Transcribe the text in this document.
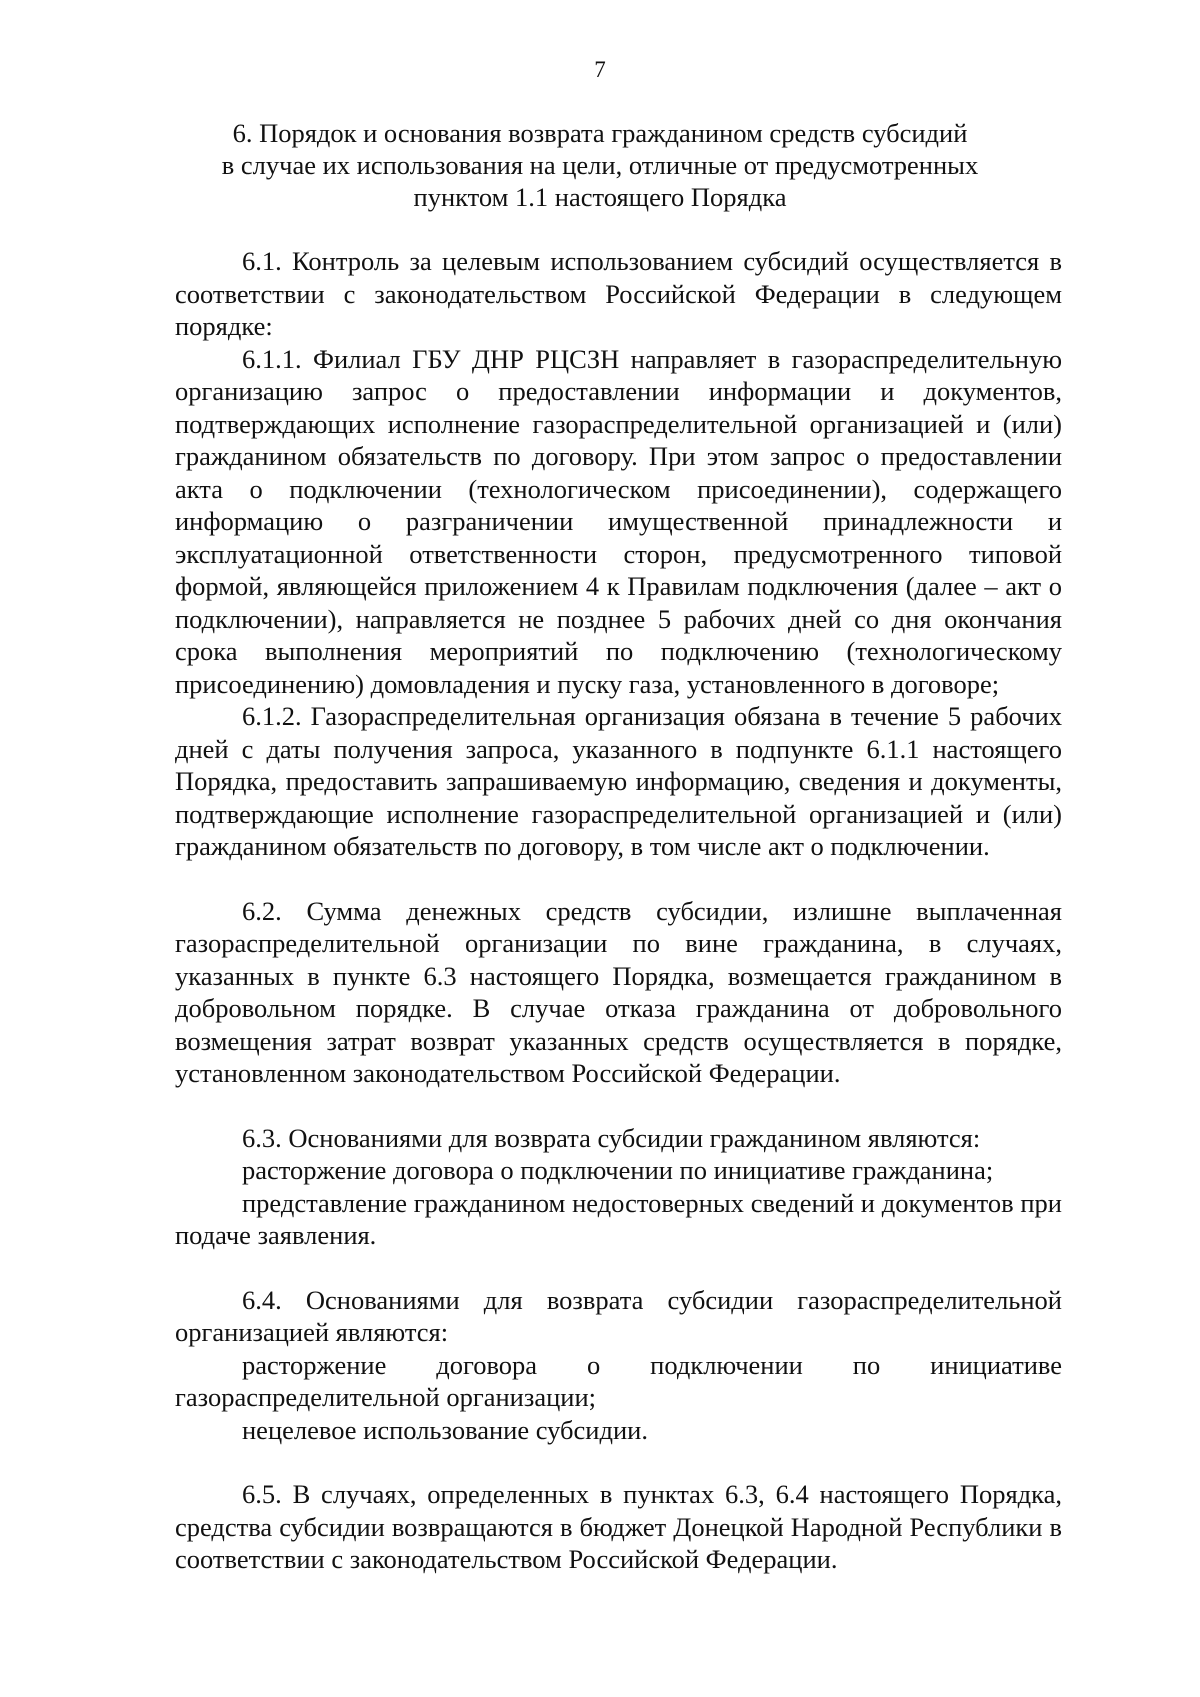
7
6. Порядок и основания возврата гражданином средств субсидий
в случае их использования на цели, отличные от предусмотренных
пунктом 1.1 настоящего Порядка

6.1. Контроль за целевым использованием субсидий осуществляется в соответствии с законодательством Российской Федерации в следующем порядке:

6.1.1. Филиал ГБУ ДНР РЦСЗН направляет в газораспределительную организацию запрос о предоставлении информации и документов, подтверждающих исполнение газораспределительной организацией и (или) гражданином обязательств по договору. При этом запрос о предоставлении акта о подключении (технологическом присоединении), содержащего информацию о разграничении имущественной принадлежности и эксплуатационной ответственности сторон, предусмотренного типовой формой, являющейся приложением 4 к Правилам подключения (далее – акт о подключении), направляется не позднее 5 рабочих дней со дня окончания срока выполнения мероприятий по подключению (технологическому присоединению) домовладения и пуску газа, установленного в договоре;

6.1.2. Газораспределительная организация обязана в течение 5 рабочих дней с даты получения запроса, указанного в подпункте 6.1.1 настоящего Порядка, предоставить запрашиваемую информацию, сведения и документы, подтверждающие исполнение газораспределительной организацией и (или) гражданином обязательств по договору, в том числе акт о подключении.

6.2. Сумма денежных средств субсидии, излишне выплаченная газораспределительной организации по вине гражданина, в случаях, указанных в пункте 6.3 настоящего Порядка, возмещается гражданином в добровольном порядке. В случае отказа гражданина от добровольного возмещения затрат возврат указанных средств осуществляется в порядке, установленном законодательством Российской Федерации.

6.3. Основаниями для возврата субсидии гражданином являются:

расторжение договора о подключении по инициативе гражданина;

представление гражданином недостоверных сведений и документов при подаче заявления.

6.4. Основаниями для возврата субсидии газораспределительной организацией являются:

расторжение договора о подключении по инициативе газораспределительной организации;

нецелевое использование субсидии.

6.5. В случаях, определенных в пунктах 6.3, 6.4 настоящего Порядка, средства субсидии возвращаются в бюджет Донецкой Народной Республики в соответствии с законодательством Российской Федерации.
